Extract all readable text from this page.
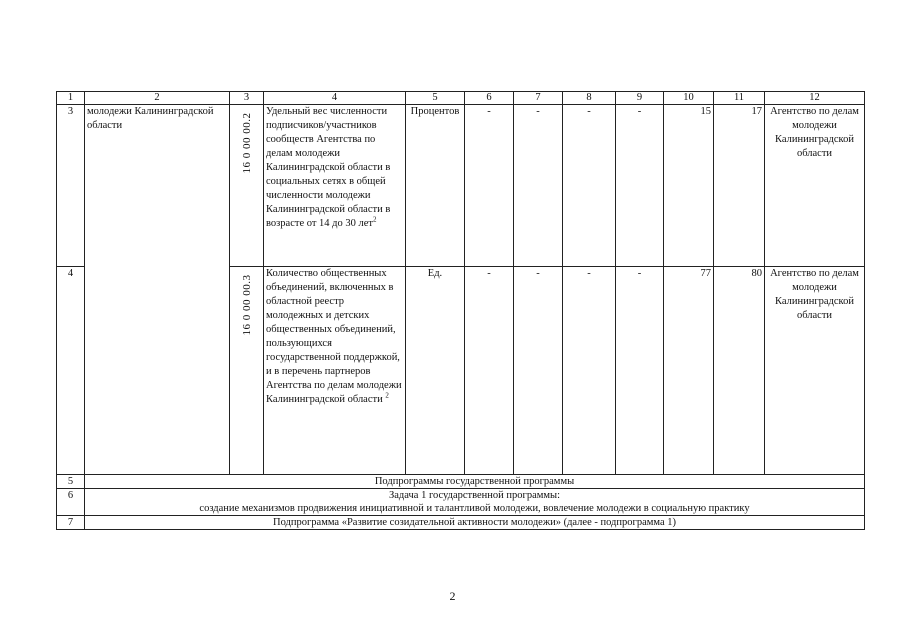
1	2	3	4	5	6	7	8	9	10	11	12
3	молодежи Калининградской области	16 0 00 00.2	Удельный вес численности подписчиков/участников сообществ Агентства по делам молодежи Калининградской области в социальных сетях в общей численности молодежи Калининградской области в возрасте от 14 до 30 лет$^2$	Процентов	-	-	-	-	15	17	Агентство по делам молодежи Калининградской области
4		16 0 00 00.3	Количество общественных объединений, включенных в областной реестр молодежных и детских общественных объединений, пользующихся государственной поддержкой, и в перечень партнеров Агентства по делам молодежи Калининградской области $^2$	Ед.	-	-	-	-	77	80	Агентство по делам молодежи Калининградской области
5	Подпрограммы государственной программы										
6	Задача 1 государственной программы:
создание механизмов продвижения инициативной и талантливой молодежи, вовлечение молодежи в социальную практику										

7	Подпрограмма «Развитие созидательной активности молодежи» (далее - подпрограмма 1)										
2
